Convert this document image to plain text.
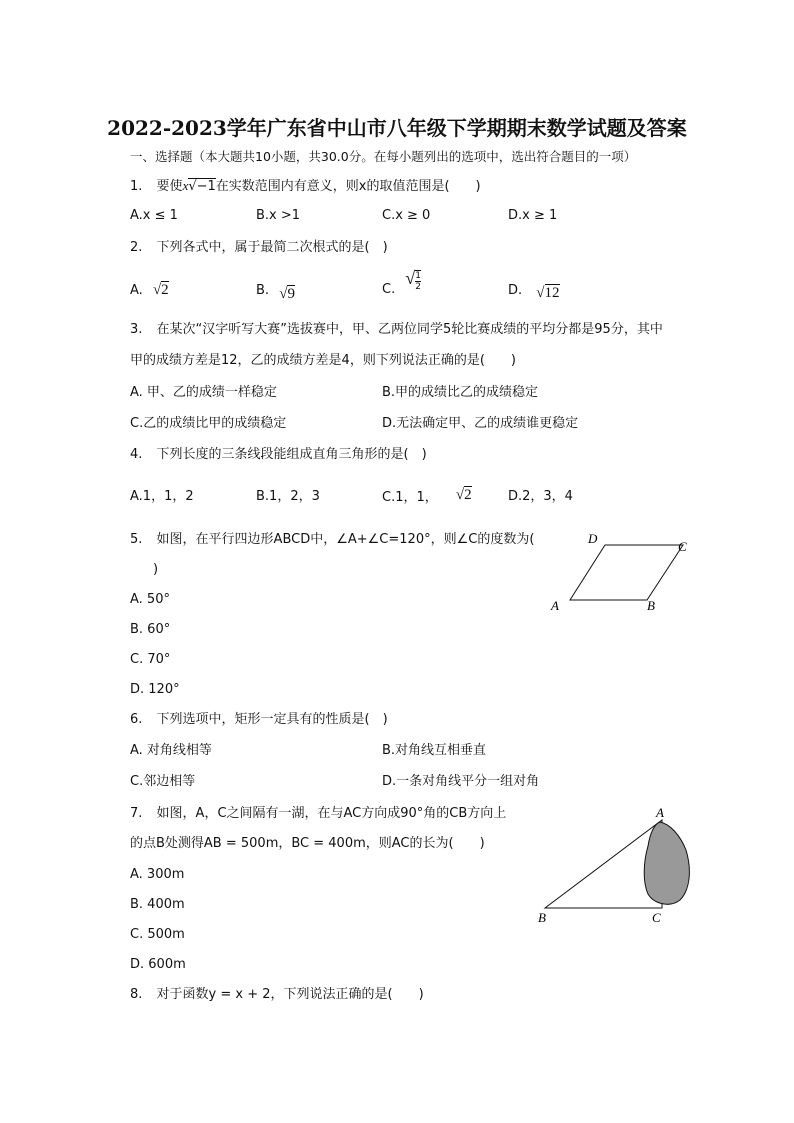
2022-2023学年广东省中山市八年级下学期期末数学试题及答案
一、选择题（本大题共10小题，共30.0分。在每小题列出的选项中，选出符合题目的一项）
1. 要使x√−1在实数范围内有意义，则x的取值范围是(　　)
A.x ≤ 1	B.x >1	C.x ≥ 0	D.x ≥ 1
2. 下列各式中，属于最简二次根式的是(　)
A. √2	B. √9	C. √ $\frac{1}{2}$	D. √12
3. 在某次“汉字听写大赛”选拔赛中，甲、乙两位同学5轮比赛成绩的平均分都是95分，其中
甲的成绩方差是12，乙的成绩方差是4，则下列说法正确的是(　　)
A. 甲、乙的成绩一样稳定	B.甲的成绩比乙的成绩稳定
C.乙的成绩比甲的成绩稳定	D.无法确定甲、乙的成绩谁更稳定
4. 下列长度的三条线段能组成直角三角形的是(　)
A.1，1，2	B.1，2，3	C.1，1， √2	D.2，3，4
5. 如图，在平行四边形ABCD中，∠A+∠C=120°，则∠C的度数为(
)
A. 50°
B. 60°
C. 70°
D. 120°
D
C
A	B
6. 下列选项中，矩形一定具有的性质是(　)
A. 对角线相等	B.对角线互相垂直
C.邻边相等	D.一条对角线平分一组对角
7. 如图，A，C之间隔有一湖，在与AC方向成90°角的CB方向上
的点B处测得AB = 500m，BC = 400m，则AC的长为(　　)
A. 300m
B. 400m
C. 500m
D. 600m
A
B	C
8. 对于函数y = x + 2，下列说法正确的是(　　)
